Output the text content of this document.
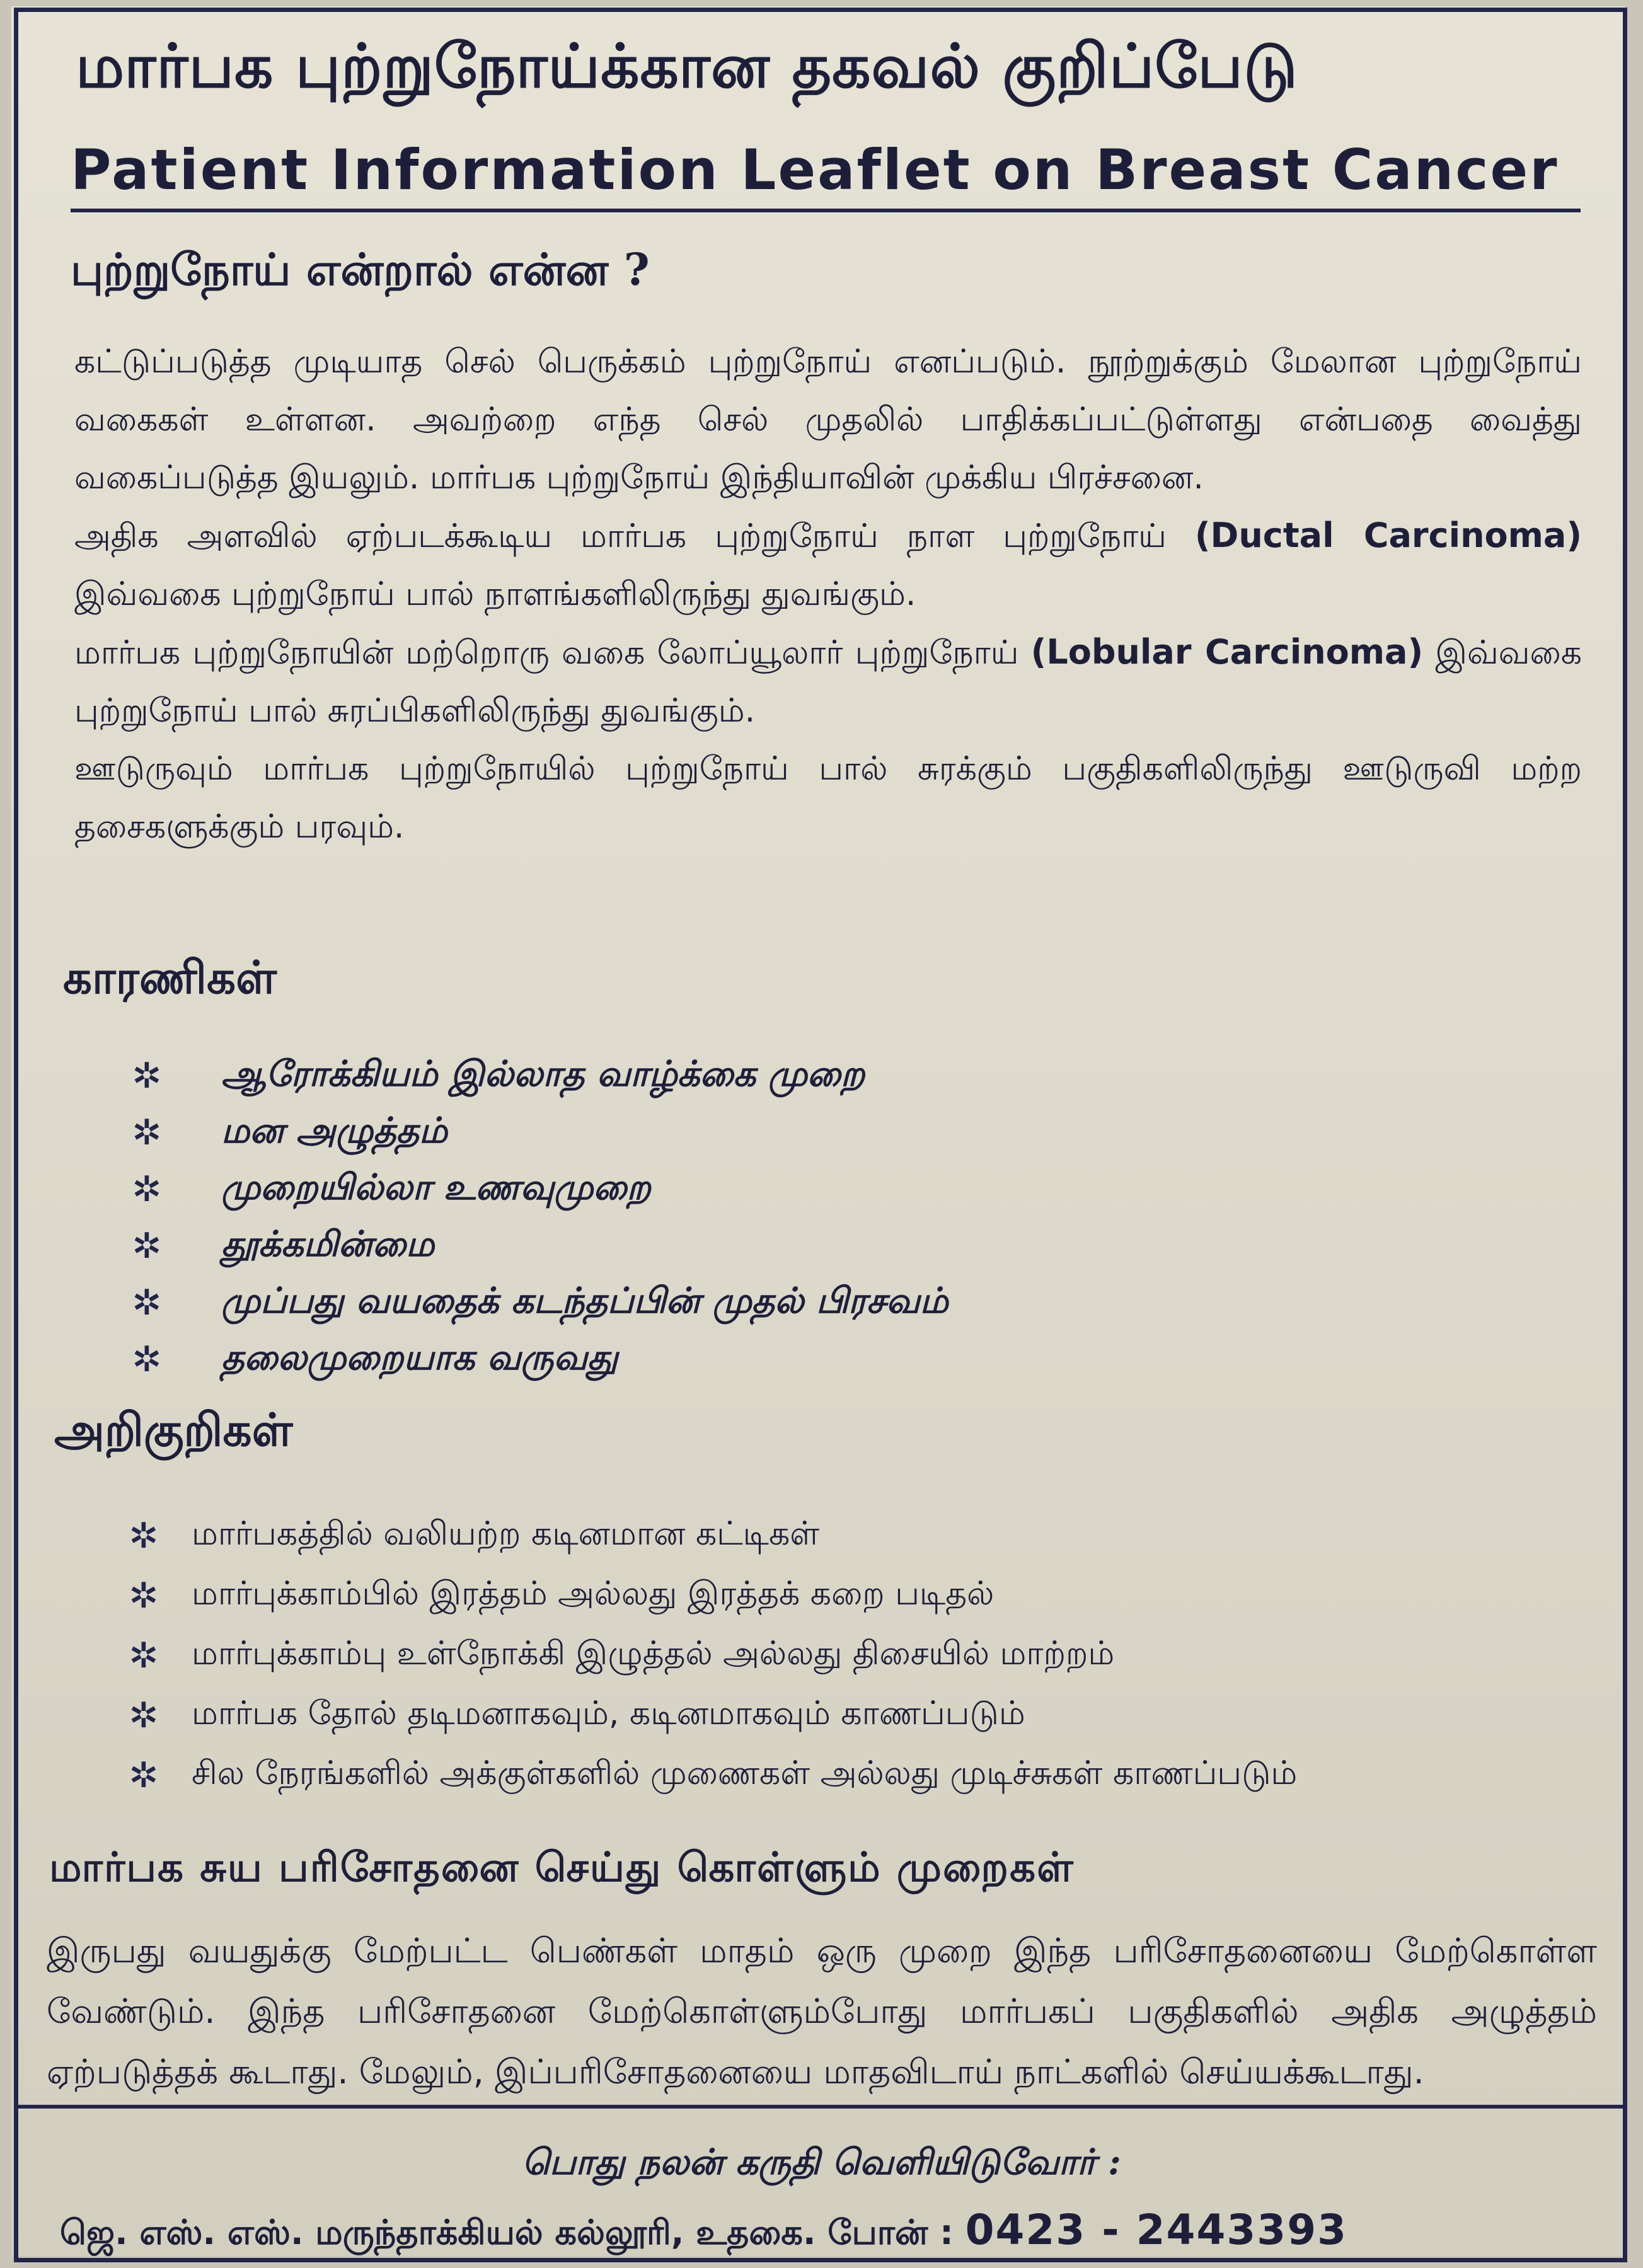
மார்பக புற்றுநோய்க்கான தகவல் குறிப்பேடு
Patient Information Leaflet on Breast Cancer
புற்றுநோய் என்றால் என்ன ?

கட்டுப்படுத்த முடியாத செல் பெருக்கம் புற்றுநோய் எனப்படும். நூற்றுக்கும் மேலான புற்றுநோய் வகைகள் உள்ளன. அவற்றை எந்த செல் முதலில் பாதிக்கப்பட்டுள்ளது என்பதை வைத்து வகைப்படுத்த இயலும். மார்பக புற்றுநோய் இந்தியாவின் முக்கிய பிரச்சனை.

அதிக அளவில் ஏற்படக்கூடிய மார்பக புற்றுநோய் நாள புற்றுநோய் (Ductal Carcinoma) இவ்வகை புற்றுநோய் பால் நாளங்களிலிருந்து துவங்கும்.

மார்பக புற்றுநோயின் மற்றொரு வகை லோப்யூலார் புற்றுநோய் (Lobular Carcinoma) இவ்வகை புற்றுநோய் பால் சுரப்பிகளிலிருந்து துவங்கும்.

ஊடுருவும் மார்பக புற்றுநோயில் புற்றுநோய் பால் சுரக்கும் பகுதிகளிலிருந்து ஊடுருவி மற்ற தசைகளுக்கும் பரவும்.

காரணிகள்
✲ ஆரோக்கியம் இல்லாத வாழ்க்கை முறை
✲ மன அழுத்தம்
✲ முறையில்லா உணவுமுறை
✲ தூக்கமின்மை
✲ முப்பது வயதைக் கடந்தப்பின் முதல் பிரசவம்
✲ தலைமுறையாக வருவது
அறிகுறிகள்
✲ மார்பகத்தில் வலியற்ற கடினமான கட்டிகள்
✲ மார்புக்காம்பில் இரத்தம் அல்லது இரத்தக் கறை படிதல்
✲ மார்புக்காம்பு உள்நோக்கி இழுத்தல் அல்லது திசையில் மாற்றம்
✲ மார்பக தோல் தடிமனாகவும், கடினமாகவும் காணப்படும்
✲ சில நேரங்களில் அக்குள்களில் முணைகள் அல்லது முடிச்சுகள் காணப்படும்
மார்பக சுய பரிசோதனை செய்து கொள்ளும் முறைகள்

இருபது வயதுக்கு மேற்பட்ட பெண்கள் மாதம் ஒரு முறை இந்த பரிசோதனையை மேற்கொள்ள வேண்டும். இந்த பரிசோதனை மேற்கொள்ளும்போது மார்பகப் பகுதிகளில் அதிக அழுத்தம் ஏற்படுத்தக் கூடாது. மேலும், இப்பரிசோதனையை மாதவிடாய் நாட்களில் செய்யக்கூடாது.

பொது நலன் கருதி வெளியிடுவோர் :
ஜெ. எஸ். எஸ். மருந்தாக்கியல் கல்லூரி, உதகை. போன் : 0423 - 2443393
